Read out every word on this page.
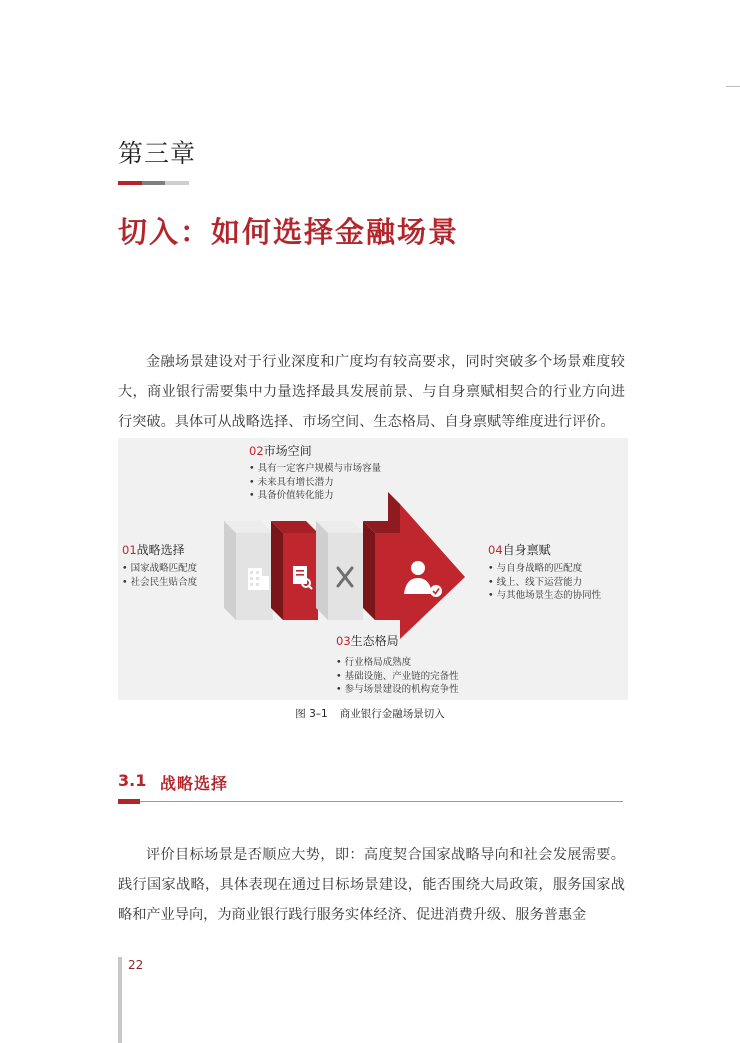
第三章
切入：如何选择金融场景

金融场景建设对于行业深度和广度均有较高要求，同时突破多个场景难度较大，商业银行需要集中力量选择最具发展前景、与自身禀赋相契合的行业方向进行突破。具体可从战略选择、市场空间、生态格局、自身禀赋等维度进行评价。

02市场空间
• 具有一定客户规模与市场容量
• 未来具有增长潜力
• 具备价值转化能力
01战略选择
• 国家战略匹配度
• 社会民生贴合度
04自身禀赋
• 与自身战略的匹配度
• 线上、线下运营能力
• 与其他场景生态的协同性
03生态格局
• 行业格局成熟度
• 基础设施、产业链的完备性
• 参与场景建设的机构竞争性
图 3–1 商业银行金融场景切入
3.1 战略选择

评价目标场景是否顺应大势，即：高度契合国家战略导向和社会发展需要。践行国家战略，具体表现在通过目标场景建设，能否围绕大局政策，服务国家战略和产业导向，为商业银行践行服务实体经济、促进消费升级、服务普惠金

22
